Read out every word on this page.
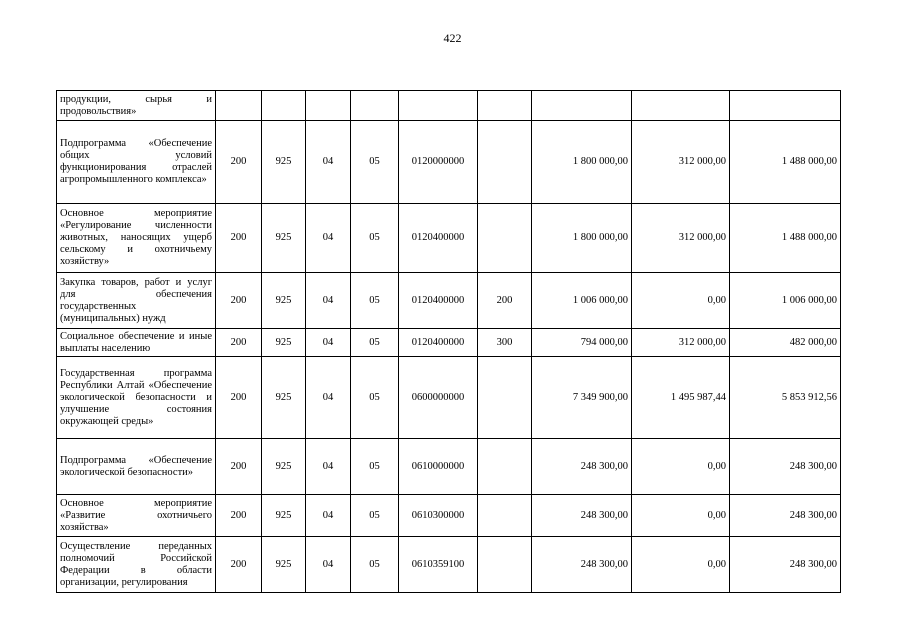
422
продукции, сырья и продовольствия»									
Подпрограмма «Обеспечение общих условий функционирования отраслей агропромышленного комплекса»	200	925	04	05	0120000000		1 800 000,00	312 000,00	1 488 000,00
Основное мероприятие «Регулирование численности животных, наносящих ущерб сельскому и охотничьему хозяйству»	200	925	04	05	0120400000		1 800 000,00	312 000,00	1 488 000,00
Закупка товаров, работ и услуг для обеспечения государственных (муниципальных) нужд	200	925	04	05	0120400000	200	1 006 000,00	0,00	1 006 000,00
Социальное обеспечение и иные выплаты населению	200	925	04	05	0120400000	300	794 000,00	312 000,00	482 000,00
Государственная программа Республики Алтай «Обеспечение экологической безопасности и улучшение состояния окружающей среды»	200	925	04	05	0600000000		7 349 900,00	1 495 987,44	5 853 912,56
Подпрограмма «Обеспечение экологической безопасности»	200	925	04	05	0610000000		248 300,00	0,00	248 300,00
Основное мероприятие «Развитие охотничьего хозяйства»	200	925	04	05	0610300000		248 300,00	0,00	248 300,00
Осуществление переданных полномочий Российской Федерации в области организации, регулирования	200	925	04	05	0610359100		248 300,00	0,00	248 300,00
